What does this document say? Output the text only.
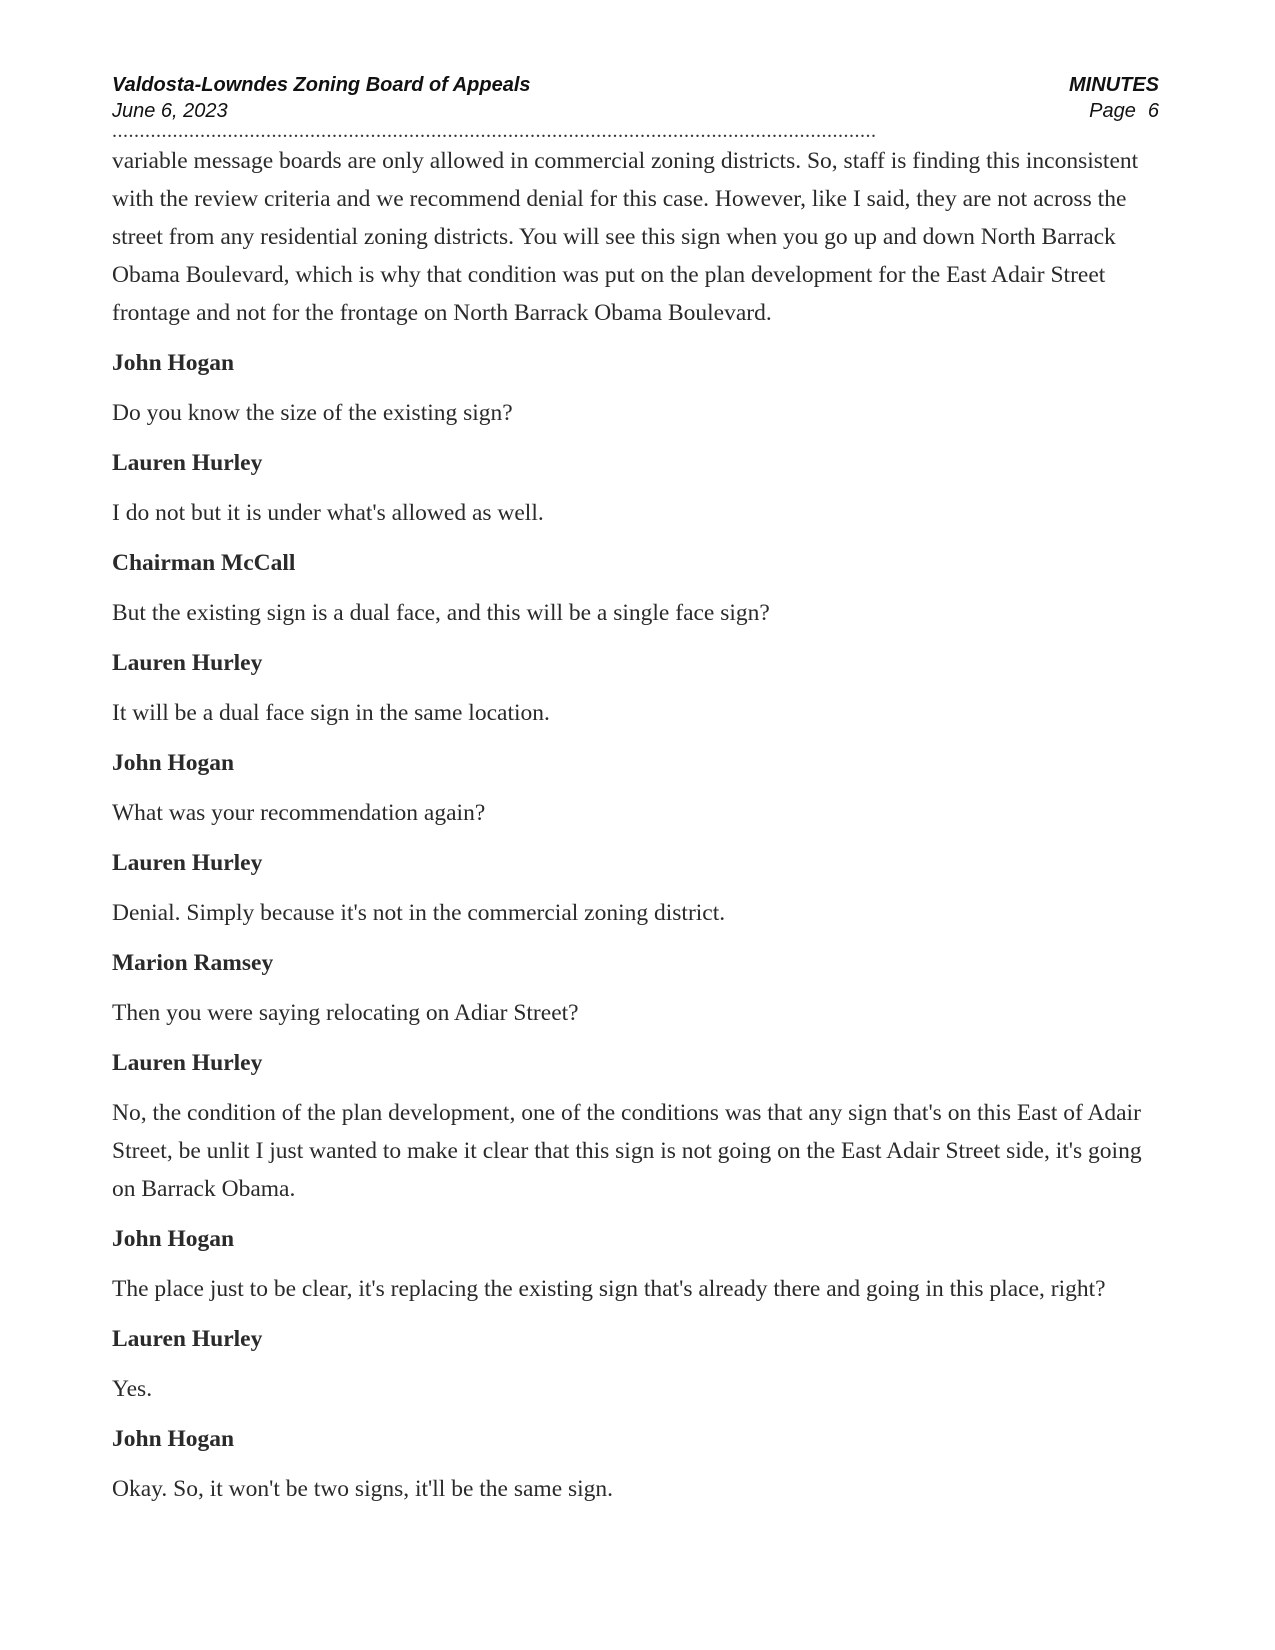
Valdosta-Lowndes Zoning Board of Appeals
June 6, 2023
MINUTES
Page 6
...........................................................................................................................................

variable message boards are only allowed in commercial zoning districts. So, staff is finding this inconsistent with the review criteria and we recommend denial for this case. However, like I said, they are not across the street from any residential zoning districts. You will see this sign when you go up and down North Barrack Obama Boulevard, which is why that condition was put on the plan development for the East Adair Street frontage and not for the frontage on North Barrack Obama Boulevard.

John Hogan

Do you know the size of the existing sign?

Lauren Hurley

I do not but it is under what's allowed as well.

Chairman McCall

But the existing sign is a dual face, and this will be a single face sign?

Lauren Hurley

It will be a dual face sign in the same location.

John Hogan

What was your recommendation again?

Lauren Hurley

Denial. Simply because it's not in the commercial zoning district.

Marion Ramsey

Then you were saying relocating on Adiar Street?

Lauren Hurley

No, the condition of the plan development, one of the conditions was that any sign that's on this East of Adair Street, be unlit I just wanted to make it clear that this sign is not going on the East Adair Street side, it's going on Barrack Obama.

John Hogan

The place just to be clear, it's replacing the existing sign that's already there and going in this place, right?

Lauren Hurley

Yes.

John Hogan

Okay. So, it won't be two signs, it'll be the same sign.
